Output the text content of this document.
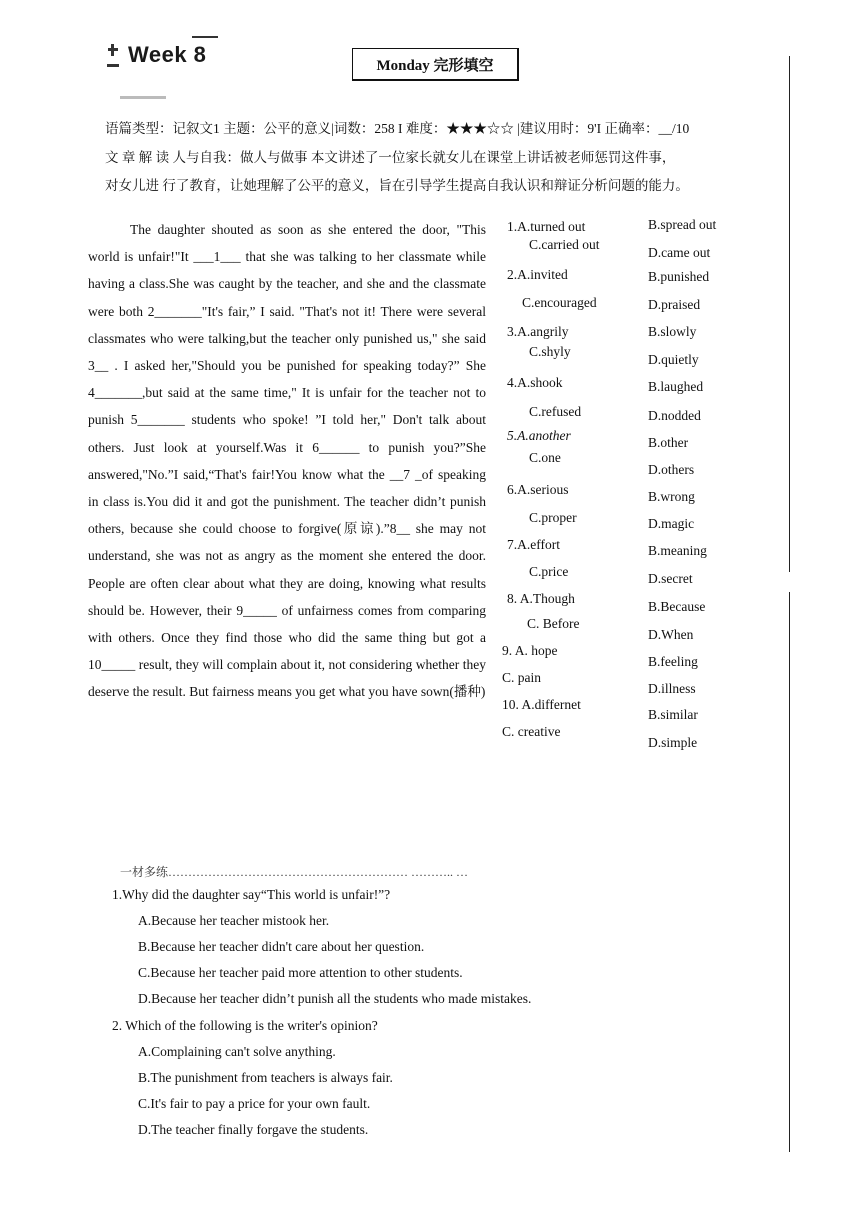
Week 8	Monday 完形填空
语篇类型：记叙文1 主题：公平的意义|词数：258 I 难度：★★★☆☆ |建议用时：9'I 正确率：__/10
文 章 解 读 人与自我：做人与做事 本文讲述了一位家长就女儿在课堂上讲话被老师惩罚这件事，
对女儿进 行了教育，让她理解了公平的意义，旨在引导学生提高自我认识和辩证分析问题的能力。

The daughter shouted as soon as she entered the door, "This world is unfair!"It ___1___ that she was talking to her classmate while having a class.She was caught by the teacher, and she and the classmate were both 2_______"It's fair,” I said. "That's not it! There were several classmates who were talking,but the teacher only punished us," she said 3__ . I asked her,"Should you be punished for speaking today?” She 4_______,but said at the same time," It is unfair for the teacher not to punish 5_______ students who spoke! ”I told her," Don't talk about others. Just look at yourself.Was it 6______ to punish you?”She answered,"No.”I said,“That's fair!You know what the __7 _of speaking in class is.You did it and got the punishment. The teacher didn’t punish others, because she could choose to forgive(原谅).”8__ she may not understand, she was not as angry as the moment she entered the door. People are often clear about what they are doing, knowing what results should be. However, their 9_____ of unfairness comes from comparing with others. Once they find those who did the same thing but got a 10_____ result, they will complain about it, not considering whether they deserve the result. But fairness means you get what you have sown(播种)

1.A.turned out
C.carried out
2.A.invited
C.encouraged
3.A.angrily
C.shyly
4.A.shook
C.refused
5.A.another
C.one
6.A.serious
C.proper
7.A.effort
C.price
8. A.Though
C. Before
9. A. hope
C. pain
10. A.differnet
C. creative
B.spread out
D.came out
B.punished
D.praised
B.slowly
D.quietly
B.laughed
D.nodded
B.other
D.others
B.wrong
D.magic
B.meaning
D.secret
B.Because
D.When
B.feeling
D.illness
B.similar
D.simple
一材多练…………………………………………………… ……….. …
1.Why did the daughter say“This world is unfair!”?
A.Because her teacher mistook her.
B.Because her teacher didn't care about her question.
C.Because her teacher paid more attention to other students.
D.Because her teacher didn’t punish all the students who made mistakes.
2. Which of the following is the writer's opinion?
A.Complaining can't solve anything.
B.The punishment from teachers is always fair.
C.It's fair to pay a price for your own fault.
D.The teacher finally forgave the students.
